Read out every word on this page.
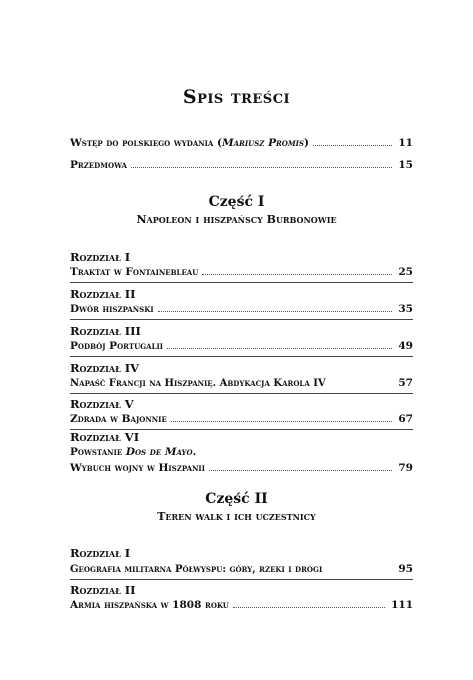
Spis treści
Wstęp do polskiego wydania (Mariusz Promis)	11
Przedmowa	15
Część I
Napoleon i hiszpańscy Burbonowie
Rozdział I
Traktat w Fontainebleau	25
Rozdział II
Dwór hiszpański	35
Rozdział III
Podbój Portugalii	49
Rozdział IV
Napaść Francji na Hiszpanię. Abdykacja Karola IV	57
Rozdział V
Zdrada w Bajonnie	67
Rozdział VI
Powstanie Dos de Mayo.
Wybuch wojny w Hiszpanii	79
Część II
Teren walk i ich uczestnicy
Rozdział I
Geografia militarna Półwyspu: góry, rzeki i drogi	95
Rozdział II
Armia hiszpańska w 1808 roku	111
